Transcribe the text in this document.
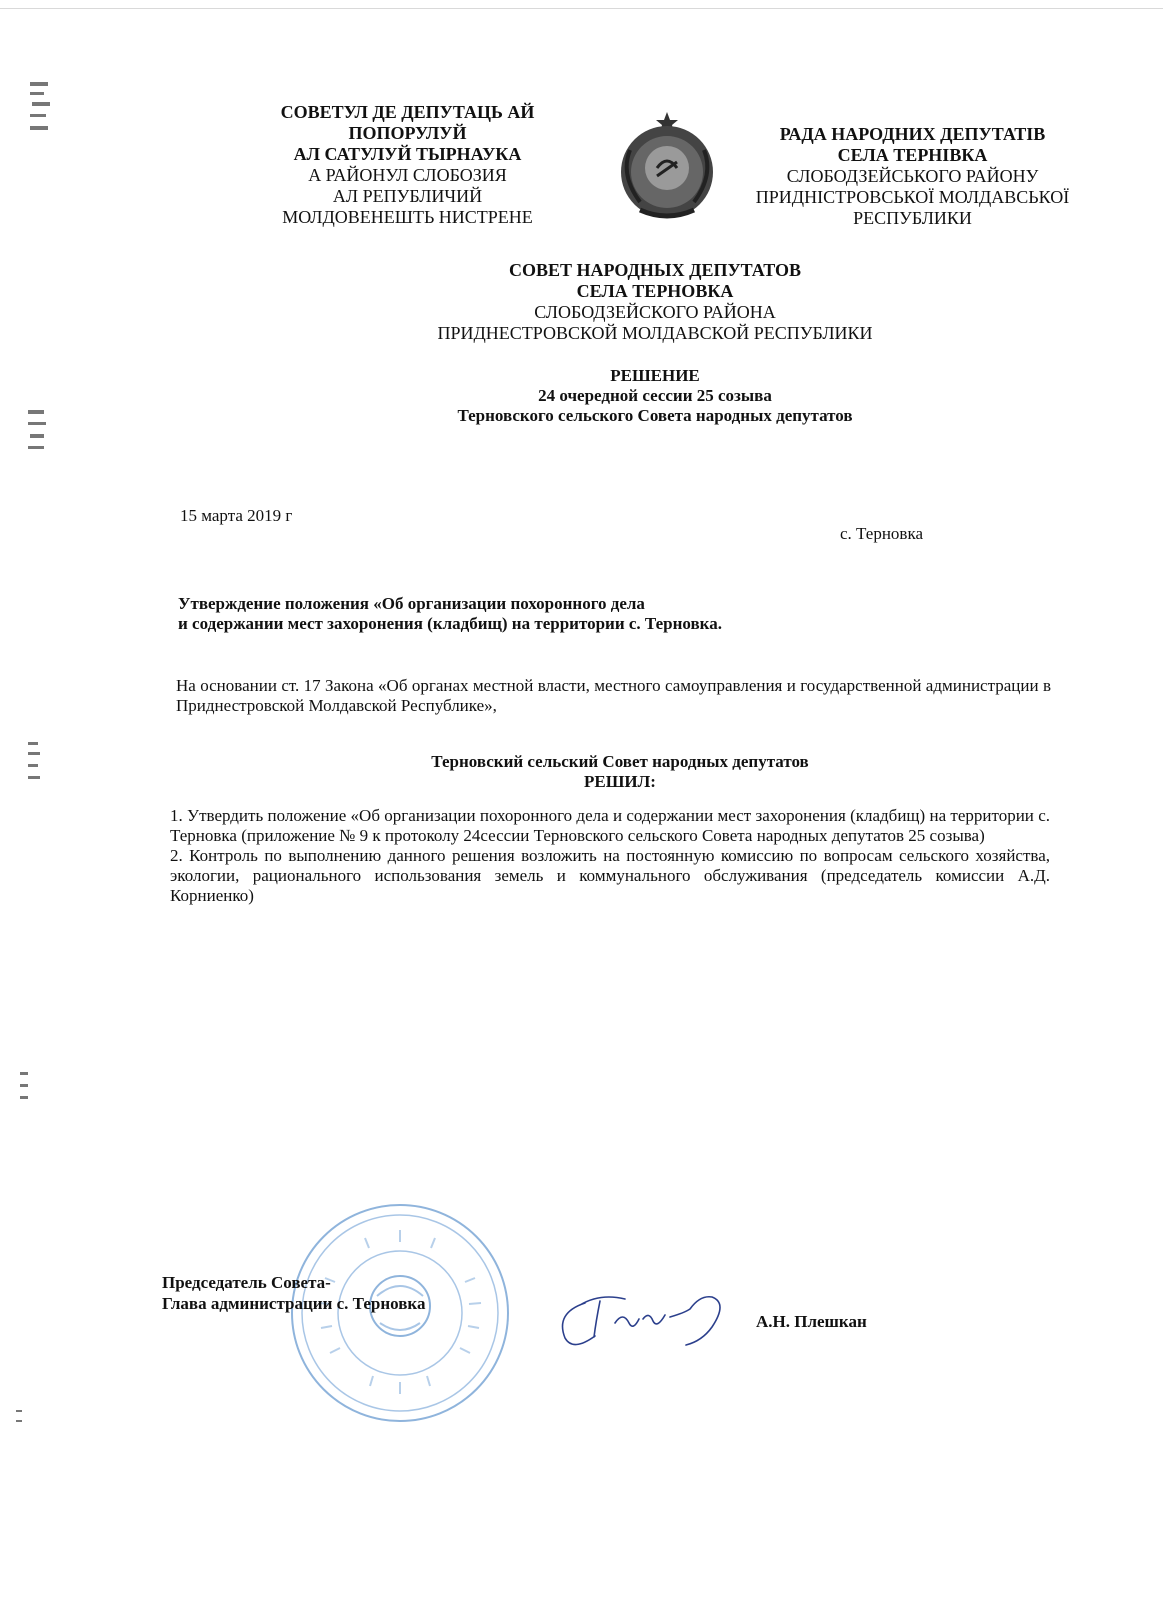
СОВЕТУЛ ДЕ ДЕПУТАЦЬ АЙ
ПОПОРУЛУЙ
АЛ САТУЛУЙ ТЫРНАУКА
А РАЙОНУЛ СЛОБОЗИЯ
АЛ РЕПУБЛИЧИЙ
МОЛДОВЕНЕШТЬ НИСТРЕНЕ
РАДА НАРОДНИХ ДЕПУТАТІВ
СЕЛА ТЕРНІВКА
СЛОБОДЗЕЙСЬКОГО РАЙОНУ
ПРИДНІСТРОВСЬКОЇ МОЛДАВСЬКОЇ
РЕСПУБЛИКИ
СОВЕТ НАРОДНЫХ ДЕПУТАТОВ
СЕЛА ТЕРНОВКА
СЛОБОДЗЕЙСКОГО РАЙОНА
ПРИДНЕСТРОВСКОЙ МОЛДАВСКОЙ РЕСПУБЛИКИ
РЕШЕНИЕ
24 очередной сессии 25 созыва
Терновского сельского Совета народных депутатов
15 марта 2019 г
с. Терновка
Утверждение положения «Об организации похоронного дела
и содержании мест захоронения (кладбищ) на территории с. Терновка.
На основании ст. 17 Закона «Об органах местной власти, местного самоуправления и государственной администрации в Приднестровской Молдавской Республике»,
Терновский сельский Совет народных депутатов
РЕШИЛ:
1. Утвердить положение «Об организации похоронного дела и содержании мест захоронения (кладбищ) на территории с. Терновка (приложение № 9 к протоколу 24сессии Терновского сельского Совета народных депутатов 25 созыва)
2. Контроль по выполнению данного решения возложить на постоянную комиссию по вопросам сельского хозяйства, экологии, рационального использования земель и коммунального обслуживания (председатель комиссии А.Д. Корниенко)
Председатель Совета-
Глава администрации с. Терновка
А.Н. Плешкан
